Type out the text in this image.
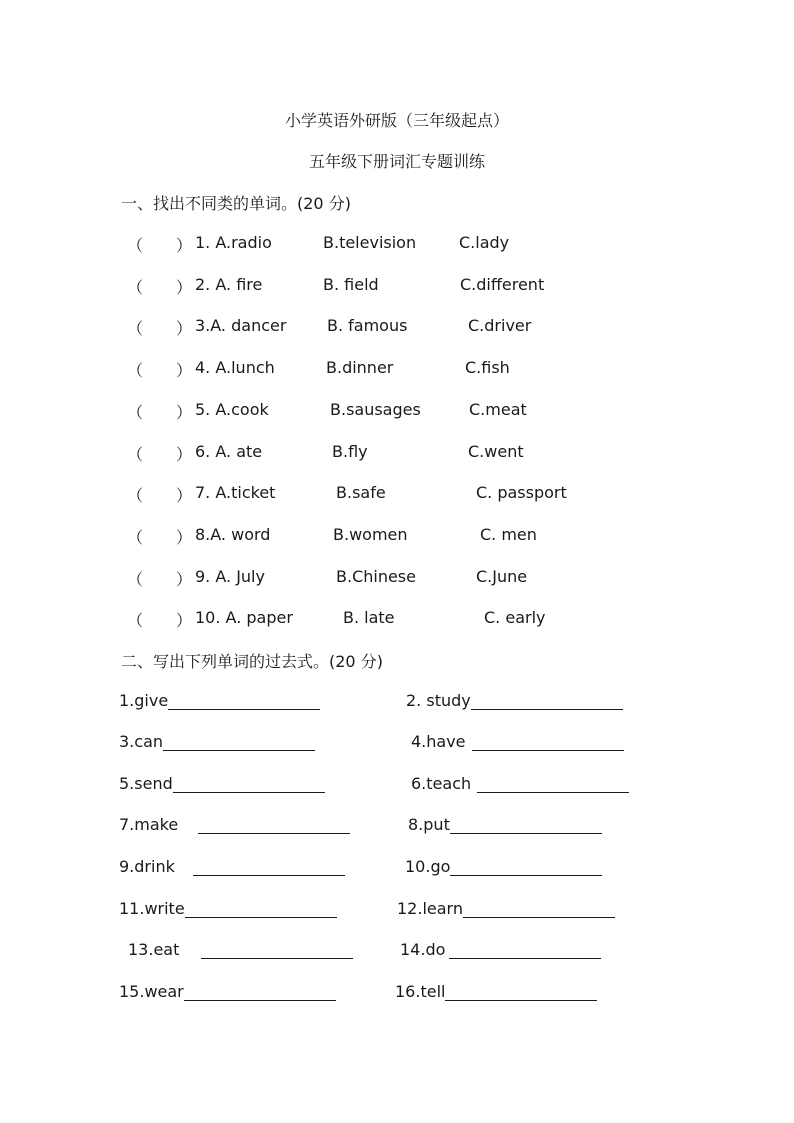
小学英语外研版（三年级起点）
五年级下册词汇专题训练
一、找出不同类的单词。(20 分)
（ ） 1. A.radio	B.television	C.lady
（ ） 2. A. fire	B. field	C.different
（ ） 3.A. dancer	B. famous	C.driver
（ ） 4. A.lunch	B.dinner	C.fish
（ ） 5. A.cook	B.sausages	C.meat
（ ） 6. A. ate	B.fly	C.went
（ ） 7. A.ticket	B.safe	C. passport
（ ） 8.A. word	B.women	C. men
（ ） 9. A. July	B.Chinese	C.June
（ ） 10. A. paper	B. late	C. early
二、写出下列单词的过去式。(20 分)
1.give	2. study
3.can	4.have
5.send	6.teach
7.make	8.put
9.drink	10.go
11.write	12.learn
13.eat	14.do
15.wear	16.tell
